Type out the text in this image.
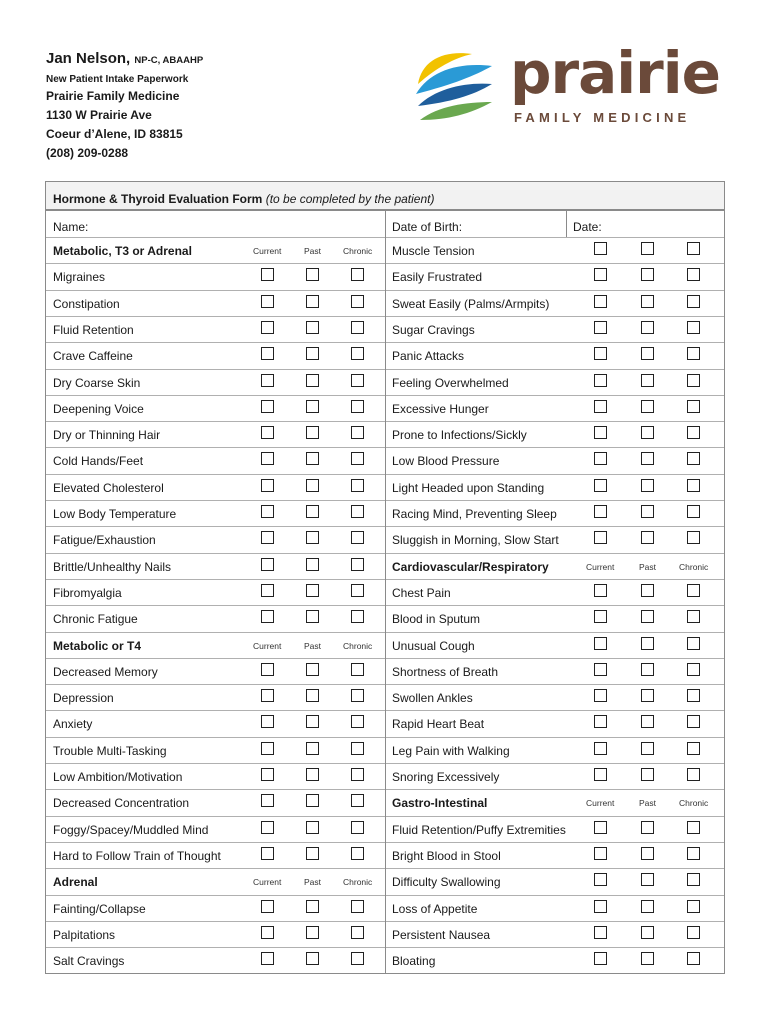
Jan Nelson, NP-C, ABAAHP
New Patient Intake Paperwork
Prairie Family Medicine
1130 W Prairie Ave
Coeur d’Alene, ID 83815
(208) 209-0288
prairie
FAMILY MEDICINE
Hormone & Thyroid Evaluation Form (to be completed by the patient)
Name:	Date of Birth:	Date:
Metabolic, T3 or Adrenal	Current	Past	Chronic
Migraines
Constipation
Fluid Retention
Crave Caffeine
Dry Coarse Skin
Deepening Voice
Dry or Thinning Hair
Cold Hands/Feet
Elevated Cholesterol
Low Body Temperature
Fatigue/Exhaustion
Brittle/Unhealthy Nails
Fibromyalgia
Chronic Fatigue
Metabolic or T4	Current	Past	Chronic
Decreased Memory
Depression
Anxiety
Trouble Multi-Tasking
Low Ambition/Motivation
Decreased Concentration
Foggy/Spacey/Muddled Mind
Hard to Follow Train of Thought
Adrenal	Current	Past	Chronic
Fainting/Collapse
Palpitations
Salt Cravings
Muscle Tension
Easily Frustrated
Sweat Easily (Palms/Armpits)
Sugar Cravings
Panic Attacks
Feeling Overwhelmed
Excessive Hunger
Prone to Infections/Sickly
Low Blood Pressure
Light Headed upon Standing
Racing Mind, Preventing Sleep
Sluggish in Morning, Slow Start
Cardiovascular/Respiratory	Current	Past	Chronic
Chest Pain
Blood in Sputum
Unusual Cough
Shortness of Breath
Swollen Ankles
Rapid Heart Beat
Leg Pain with Walking
Snoring Excessively
Gastro-Intestinal	Current	Past	Chronic
Fluid Retention/Puffy Extremities
Bright Blood in Stool
Difficulty Swallowing
Loss of Appetite
Persistent Nausea
Bloating
